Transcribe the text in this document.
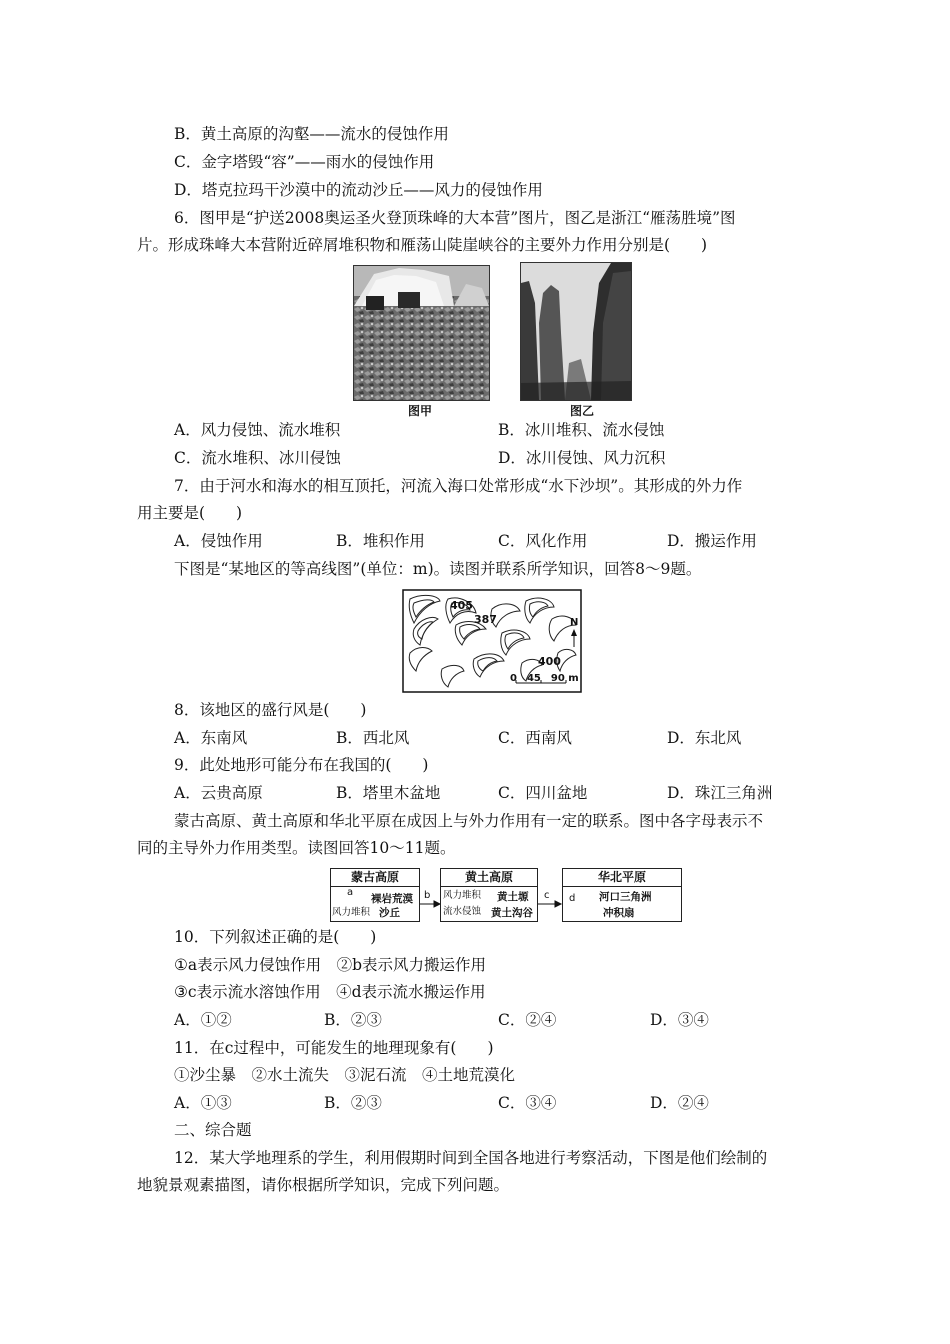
B．黄土高原的沟壑——流水的侵蚀作用
C．金字塔毁“容”——雨水的侵蚀作用
D．塔克拉玛干沙漠中的流动沙丘——风力的侵蚀作用
6．图甲是“护送2008奥运圣火登顶珠峰的大本营”图片，图乙是浙江“雁荡胜境”图
片。形成珠峰大本营附近碎屑堆积物和雁荡山陡崖峡谷的主要外力作用分别是(　　)
图甲	图乙
A．风力侵蚀、流水堆积	B．冰川堆积、流水侵蚀
C．流水堆积、冰川侵蚀	D．冰川侵蚀、风力沉积
7．由于河水和海水的相互顶托，河流入海口处常形成“水下沙坝”。其形成的外力作
用主要是(　　)
A．侵蚀作用	B．堆积作用	C．风化作用	D．搬运作用
下图是“某地区的等高线图”(单位：m)。读图并联系所学知识，回答8～9题。
405
387
400
N
0　45　90 m
8．该地区的盛行风是(　　)
A．东南风	B．西北风	C．西南风	D．东北风
9．此处地形可能分布在我国的(　　)
A．云贵高原	B．塔里木盆地	C．四川盆地	D．珠江三角洲
蒙古高原、黄土高原和华北平原在成因上与外力作用有一定的联系。图中各字母表示不
同的主导外力作用类型。读图回答10～11题。
蒙古高原
a
风力堆积
裸岩荒漠
沙丘
b
黄土高原
风力堆积
流水侵蚀
黄土塬
黄土沟谷
c
华北平原
d 河口三角洲
冲积扇
10．下列叙述正确的是(　　)
①a表示风力侵蚀作用　②b表示风力搬运作用
③c表示流水溶蚀作用　④d表示流水搬运作用
A．①②	B．②③	C．②④	D．③④
11．在c过程中，可能发生的地理现象有(　　)
①沙尘暴　②水土流失　③泥石流　④土地荒漠化
A．①③	B．②③	C．③④	D．②④
二、综合题
12．某大学地理系的学生，利用假期时间到全国各地进行考察活动，下图是他们绘制的
地貌景观素描图，请你根据所学知识，完成下列问题。
